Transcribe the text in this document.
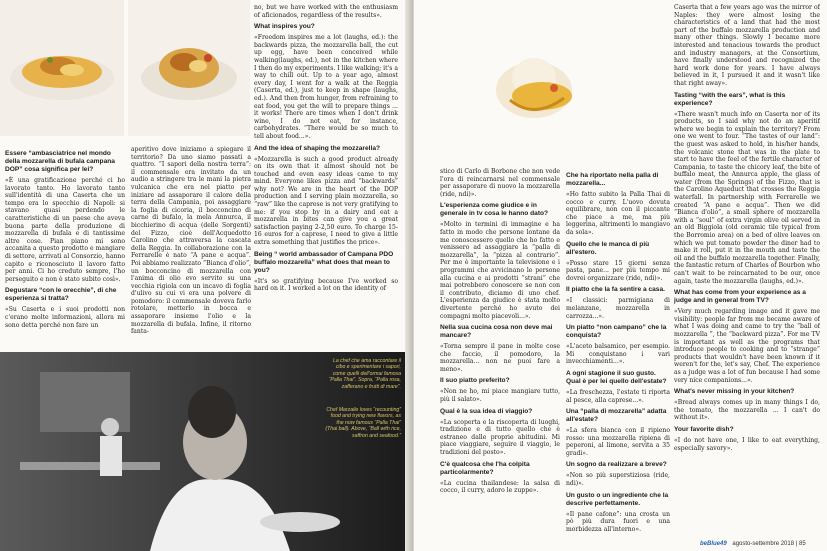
Essere “ambasciatrice nel mondo della mozzarella di bufala campana DOP” cosa significa per lei?

«È una gratificazione perché ci ho lavorato tanto. Ho lavorato tanto sull'identità di una Caserta che un tempo era lo specchio di Napoli: si stavano quasi perdendo le caratteristiche di un paese che aveva buona parte della produzione di mozzarella di bufala e di tantissime altre cose. Pian piano mi sono accanita a questo prodotto e mangiare di settore, arrivati al Consorzio, hanno capito e riconosciuto il lavoro fatto per anni. Ci ho creduto sempre, l'ho perseguito e non è stato subito così».

Degustare “con le orecchie”, di che esperienza si tratta?

«Su Caserta e i suoi prodotti non c'erano molte informazioni, allora mi sono detta perché non fare un

aperitivo dove iniziamo a spiegare il territorio? Da uno siamo passati a quattro. “I sapori della nostra terra”: il commensale era invitato da un audio a stringere tra le mani la pietra vulcanica che era nel piatto per iniziare ad assaporare il calore della terra della Campania, poi assaggiare la foglia di cicoria, il bocconcino di carne di bufalo, la mela Annurca, il bicchierino di acqua (delle Sorgenti) del Fizzo, cioè dell'Acquedotto Carolino che attraversa la cascata della Reggia. In collaborazione con la Ferrarelle è nato “A pane e acqua”. Poi abbiamo realizzato “Bianca d'olio”, un bocconcino di mozzarella con l'anima di olio evo servito su una vecchia rigiola con un incavo di foglia d'ulivo su cui vi era una polvere di pomodoro: il commensale doveva farlo rotolare, metterlo in bocca e assaporare insieme l'olio e la mozzarella di bufala. Infine, il ritorno fanta-

no, but we have worked with the enthusiasm of aficionados, regardless of the results».

What inspires you?

«Freedom inspires me a lot (laughs, ed.): the backwards pizza, the mozzarella ball, the cut up egg, have been conceived while walking(laughs, ed.), not in the kitchen where I then do my experiments. I like walking; it's a way to chill out. Up to a year ago, almost every day, I went for a walk at the Reggia (Caserta, ed.), just to keep in shape (laughs, ed.). And then from hunger, from refraining to eat food, you get the will to prepare things ... it works! There are times when I don't drink wine, I do not eat, for instance, carbohydrates. “There would be so much to tell about food...».

And the idea of shaping the mozzarella?

«Mozzarella is such a good product already on its own that it almost should not be touched and even easy ideas came to my mind. Everyone likes pizza and “backwards” why not? We are in the heart of the DOP production and I serving plain mozzarella, so “raw” like the caprese is not very gratifying to me: if you stop by in a dairy and eat a mozzarella in bites can give you a great satisfaction paying 2-2,50 euro. To charge 15-16 euros for a caprese, I need to give a little extra something that justifies the price».

Being “ world ambassador of Campana PDO buffalo mozzarella” what does that mean to you?

«It's so gratifying because I've worked so hard on it. I worked a lot on the identity of

La chef che ama raccontare il cibo e sperimentare i sapori, come quelli dell'ormai famosa “Palla Thai”. Sopra, “Palla rosa, zafferano e frutti di mare”.
Chef Marzaile loves “recounting” food and trying new flavors, as the now famous “Palla Thai” (Thai ball). Above, “Ball with rice, saffron and seafood.”

stico di Carlo di Borbone che non vede l'ora di reincarnarsi nel commensale per assaporare di nuovo la mozzarella (ride, ndi)».

L'esperienza come giudice e in generale in tv cosa le hanno dato?

«Molto in termini di immagine e ha fatto in modo che persone lontane da me conoscessero quello che ho fatto e venissero ad assaggiare la “palla di mozzarella”, la “pizza al contrario”. Per me è importante la televisione e i programmi che avvicinano le persone alla cucina e ai prodotti “strani” che mai potrebbero conoscere se non con il contributo, diciamo di uno chef. L'esperienza da giudice è stata molto divertente perché ho avuto dei compagni molto piacevoli...».

Nella sua cucina cosa non deve mai mancare?

«Torna sempre il pane in molte cose che faccio, il pomodoro, la mozzarella... non ne puoi fare a meno».

Il suo piatto preferito?

«Non ne ho, mi piace mangiare tutto, più il salato».

Qual è la sua idea di viaggio?

«La scoperta e la riscoperta di luoghi, tradizione e di tutto quello che è estraneo dalle proprie abitudini. Mi piace viaggiare, seguire il viaggio, le tradizioni del posto».

C'è qualcosa che l'ha colpita particolarmente?

«La cucina thailandese: la salsa di cocco, il curry, adoro le zuppe».

Che ha riportato nella palla di mozzarella...

«Ho fatto subito la Palla Thai di cocco e curry. L'uovo dovuta equilibrare, non con il piccante che piace a me, ma più leggerina, altrimenti lo mangiavo da sola».

Quello che le manca di più all'estero.

«Posso stare 15 giorni senza pasta, pane... per più tempo mi dovrei organizzare (ride, ndi)».

Il piatto che la fa sentire a casa.

«I classici: parmigiana di melanzane, mozzarella in carrozza...».

Un piatto “non campano” che la conquista?

«L'aceto balsamico, per esempio. Mi conquistano i vari invecchiamenti...».

A ogni stagione il suo gusto. Qual è per lei quello dell'estate?

«La freschezza, l'estate ti riporta al pesce, alla caprese...».

Una “palla di mozzarella” adatta all'estate?

«La sfera bianca con il ripieno rosso: una mozzarella ripiena di peperoni, al limone, servita a 35 gradi».

Un sogno da realizzare a breve?

«Non so più superstiziosa (ride, ndi)».

Un gusto o un ingrediente che la descrive perfettamente.

«Il pane cafone”: una crosta un pò più dura fuori e una morbidezza all'interno».

Caserta that a few years ago was the mirror of Naples: they were almost losing the characteristics of a land that had the most part of the buffalo mozzarella production and many other things. Slowly I became more interested and tenacious towards the product and industry managers, at the Consortium, have finally understood and recognized the hard work done for years. I have always believed in it, I pursued it and it wasn't like that right away».

Tasting “with the ears”, what is this experience?

«There wasn't much info on Caserta nor of its products, so I said why not do an aperitif where we begin to explain the territory? From one we went to four. “The tastes of our land”: the guest was asked to hold, in his/her hands, the volcanic stone that was in the plate to start to have the feel of the fertile character of Campania, to taste the chicory leaf, the bite of buffalo meat, the Annurca apple, the glass of water (from the Springs) of the Fizzo, that is the Carolino Aqueduct that crosses the Reggia waterfall. In partnership with Ferrarelle we created “A pane e acqua”. Then we did “Bianca d'olio”, a small sphere of mozzarella with a “soul” of extra virgin olive oil served in an old Biggiola (old ceramic tile typical from the Borromio area) on a bed of olive leaves on which we put tomato powder the diner had to make it roll, put it in the mouth and taste the oil and the buffalo mozzarella together. Finally, the fantastic return of Charles of Bourbon who can't wait to be reincarnated to be our, once again, taste the mozzarella (laughs, ed.)».

What has come from your experience as a judge and in general from TV?

«Very much regarding image and it gave me visibility: people far from me became aware of what I was doing and came to try the “ball of mozzarella ”, the “backward pizza”. For me TV is important as well as the programs that introduce people to cooking and to “strange” products that wouldn't have been known if it weren't for the, let's say, Chef. The experience as a judge was a lot of fun because I had some very nice companions...».

What's never missing in your kitchen?

«Bread always comes up in many things I do, the tomato, the mozzarella ... I can't do without it».

Your favorite dish?

«I do not have one, I like to eat everything, especially savory».

beBlue49 agosto-settembre 2018 | 85
